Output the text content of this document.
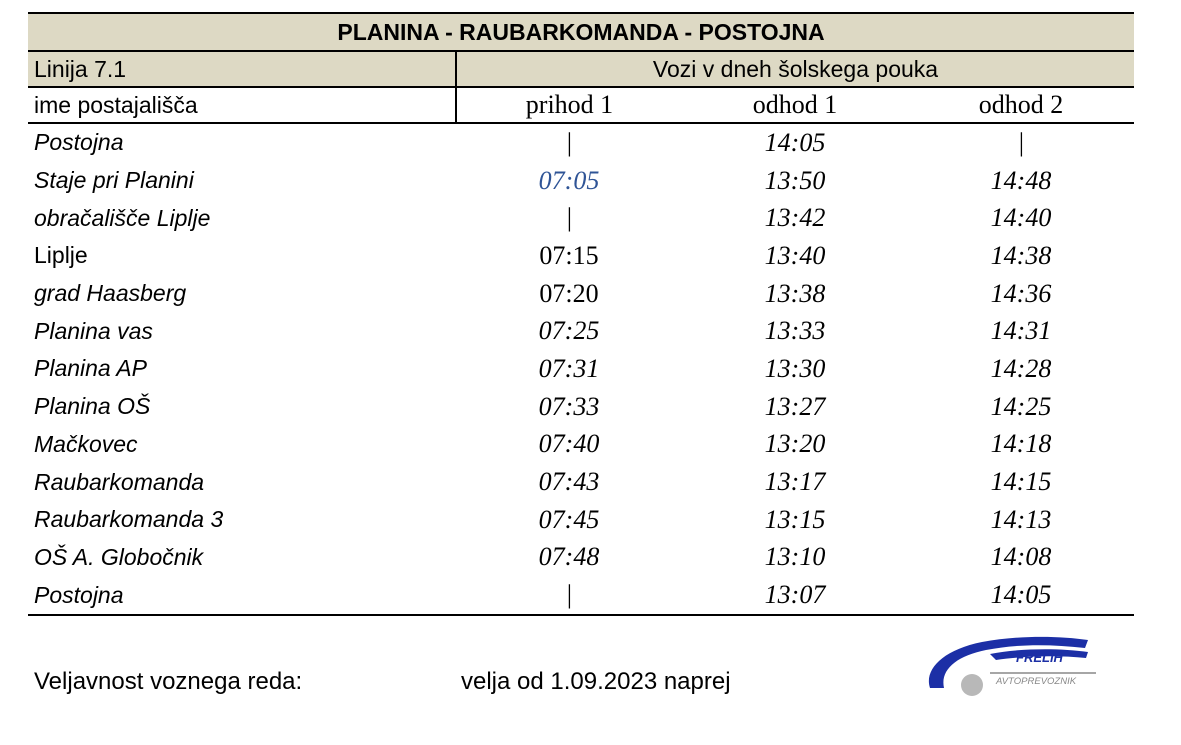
PLANINA - RAUBARKOMANDA - POSTOJNA			
Linija 7.1	Vozi v dneh šolskega pouka		
ime postajališča	prihod 1	odhod 1	odhod 2
Postojna	|	14:05	|
Staje pri Planini	07:05	13:50	14:48
obračališče Liplje	|	13:42	14:40
Liplje	07:15	13:40	14:38
grad Haasberg	07:20	13:38	14:36
Planina vas	07:25	13:33	14:31
Planina AP	07:31	13:30	14:28
Planina OŠ	07:33	13:27	14:25
Mačkovec	07:40	13:20	14:18
Raubarkomanda	07:43	13:17	14:15
Raubarkomanda 3	07:45	13:15	14:13
OŠ A. Globočnik	07:48	13:10	14:08
Postojna	|	13:07	14:05
Veljavnost voznega reda:	velja od 1.09.2023 naprej
FRELIH
AVTOPREVOZNIK
